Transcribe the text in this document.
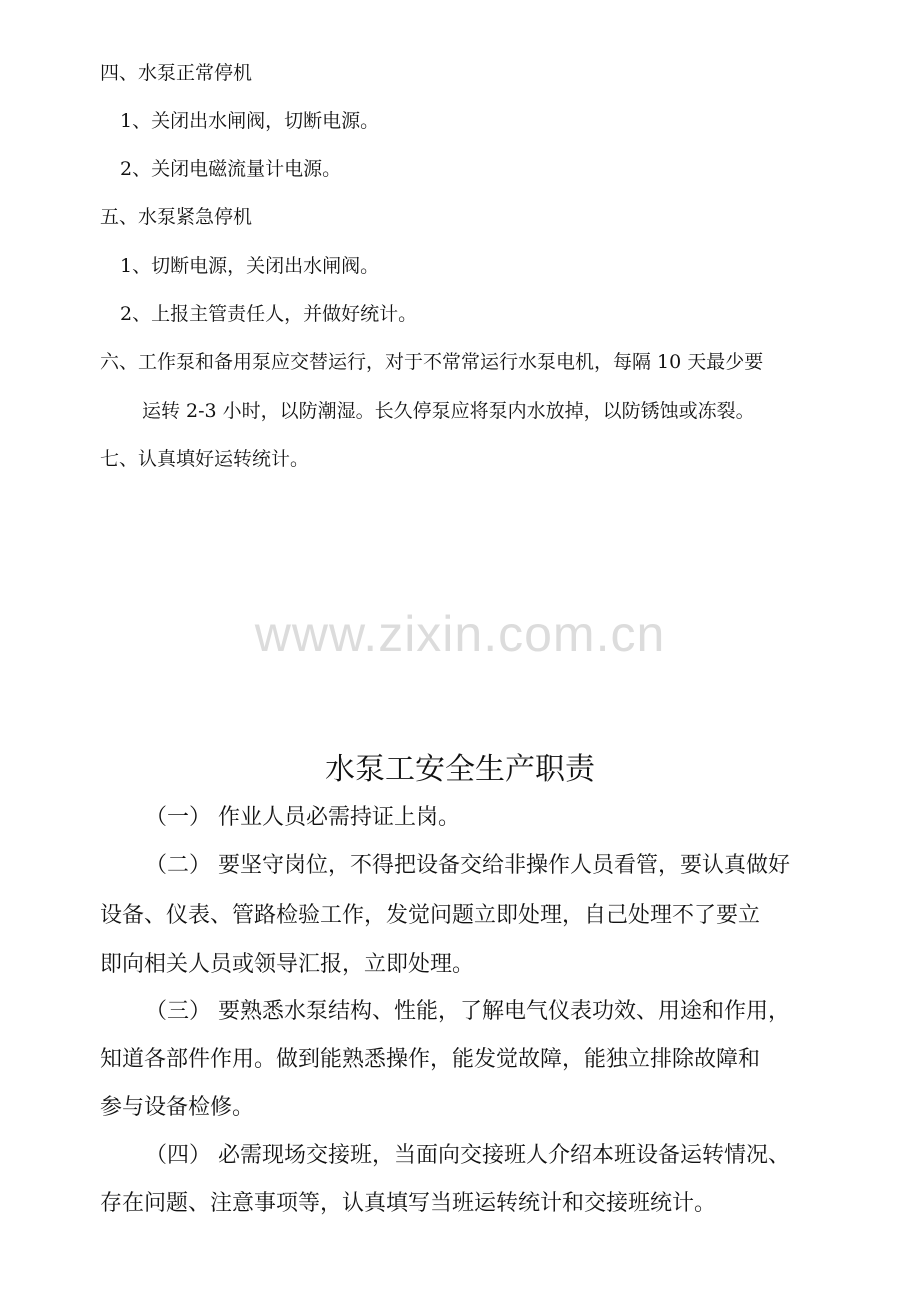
四、水泵正常停机
1、关闭出水闸阀，切断电源。
2、关闭电磁流量计电源。
五、水泵紧急停机
1、切断电源，关闭出水闸阀。
2、上报主管责任人，并做好统计。
六、工作泵和备用泵应交替运行，对于不常常运行水泵电机，每隔 10 天最少要
运转 2-3 小时，以防潮湿。长久停泵应将泵内水放掉，以防锈蚀或冻裂。
七、认真填好运转统计。
www.zixin.com.cn
水泵工安全生产职责
（一） 作业人员必需持证上岗。
（二） 要坚守岗位，不得把设备交给非操作人员看管，要认真做好
设备、仪表、管路检验工作，发觉问题立即处理，自己处理不了要立
即向相关人员或领导汇报，立即处理。
（三） 要熟悉水泵结构、性能，了解电气仪表功效、用途和作用，
知道各部件作用。做到能熟悉操作，能发觉故障，能独立排除故障和
参与设备检修。
（四） 必需现场交接班，当面向交接班人介绍本班设备运转情况、
存在问题、注意事项等，认真填写当班运转统计和交接班统计。
